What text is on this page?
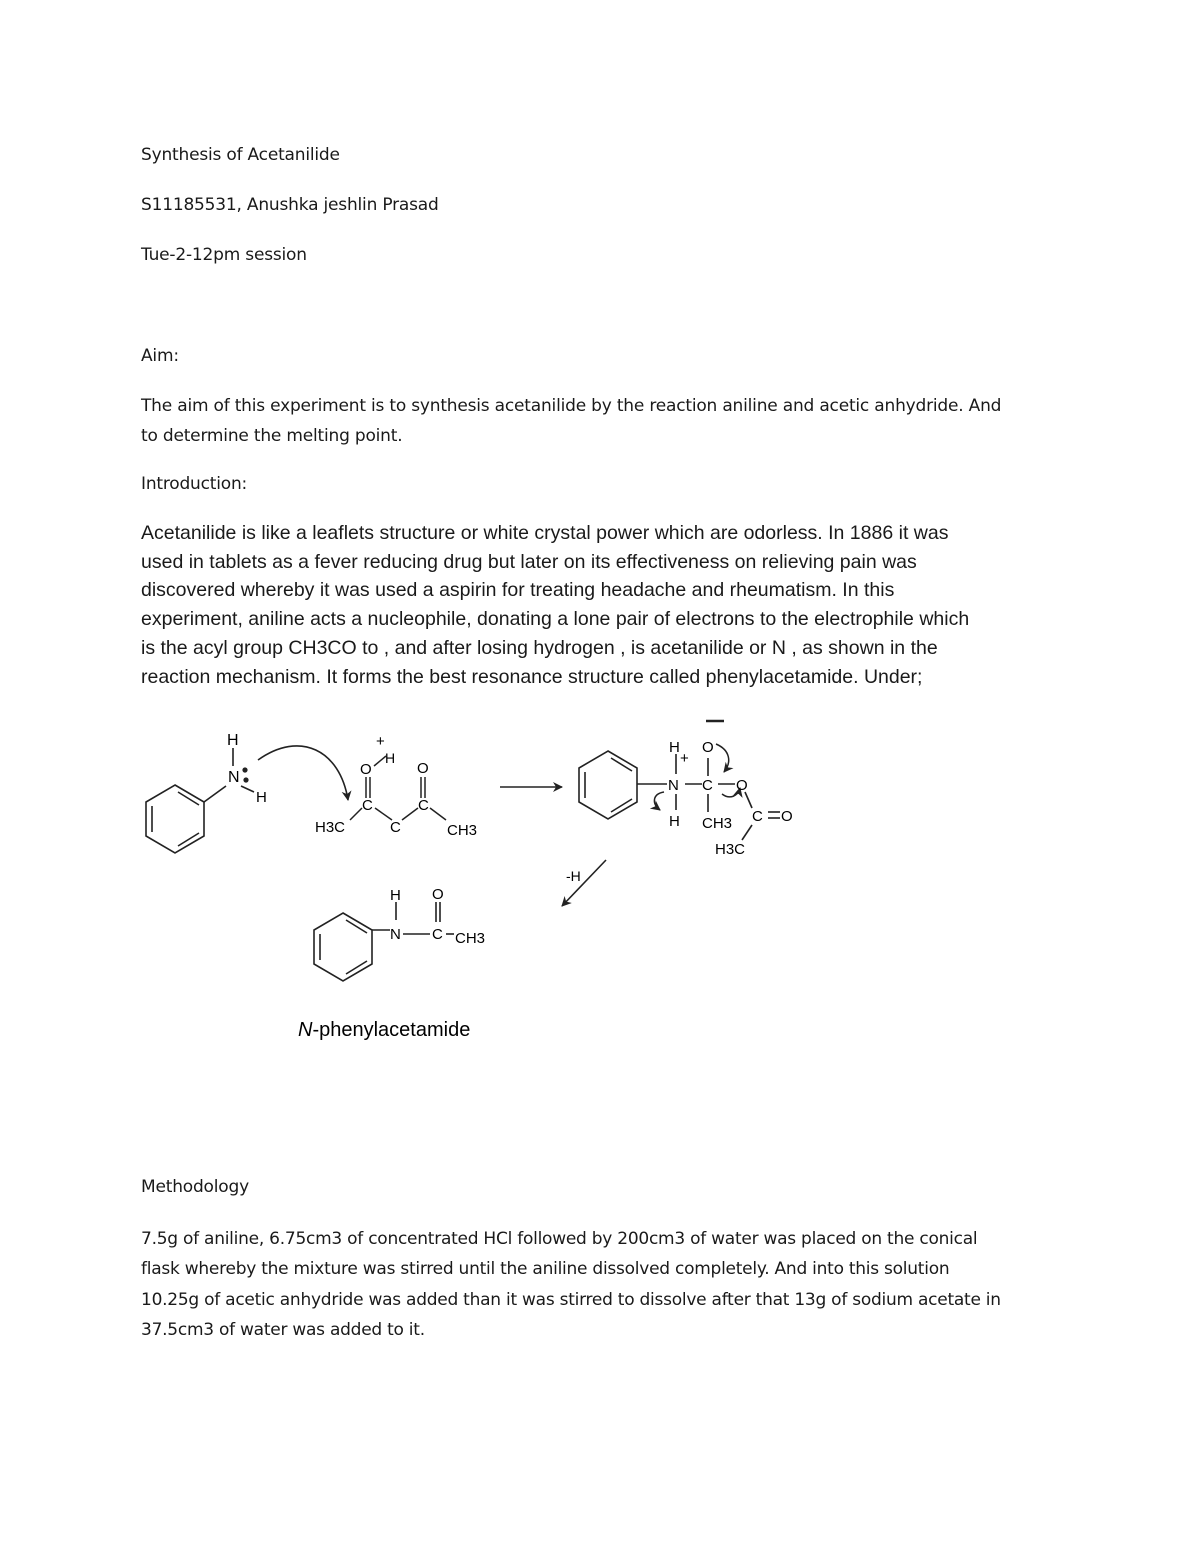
Synthesis of Acetanilide
S11185531, Anushka jeshlin Prasad
Tue-2-12pm session
Aim:
The aim of this experiment is to synthesis acetanilide by the reaction aniline and acetic anhydride. And
to determine the melting point.
Introduction:
Acetanilide is like a leaflets structure or white crystal power which are odorless. In 1886 it was
used in tablets as a fever reducing drug but later on its effectiveness on relieving pain was
discovered whereby it was used a aspirin for treating headache and rheumatism. In this
experiment, aniline acts a nucleophile, donating a lone pair of electrons to the electrophile which
is the acyl group CH3CO to , and after losing hydrogen , is acetanilide or N , as shown in the
reaction mechanism. It forms the best resonance structure called phenylacetamide. Under;
H
N
H
+
O
H
O
C	C
C
H3C	CH3
H
+
N
H
O
C O
CH3 C O
H3C
-H
H O
N C CH3
N-phenylacetamide
Methodology
7.5g of aniline, 6.75cm3 of concentrated HCl followed by 200cm3 of water was placed on the conical
flask whereby the mixture was stirred until the aniline dissolved completely. And into this solution
10.25g of acetic anhydride was added than it was stirred to dissolve after that 13g of sodium acetate in
37.5cm3 of water was added to it.
